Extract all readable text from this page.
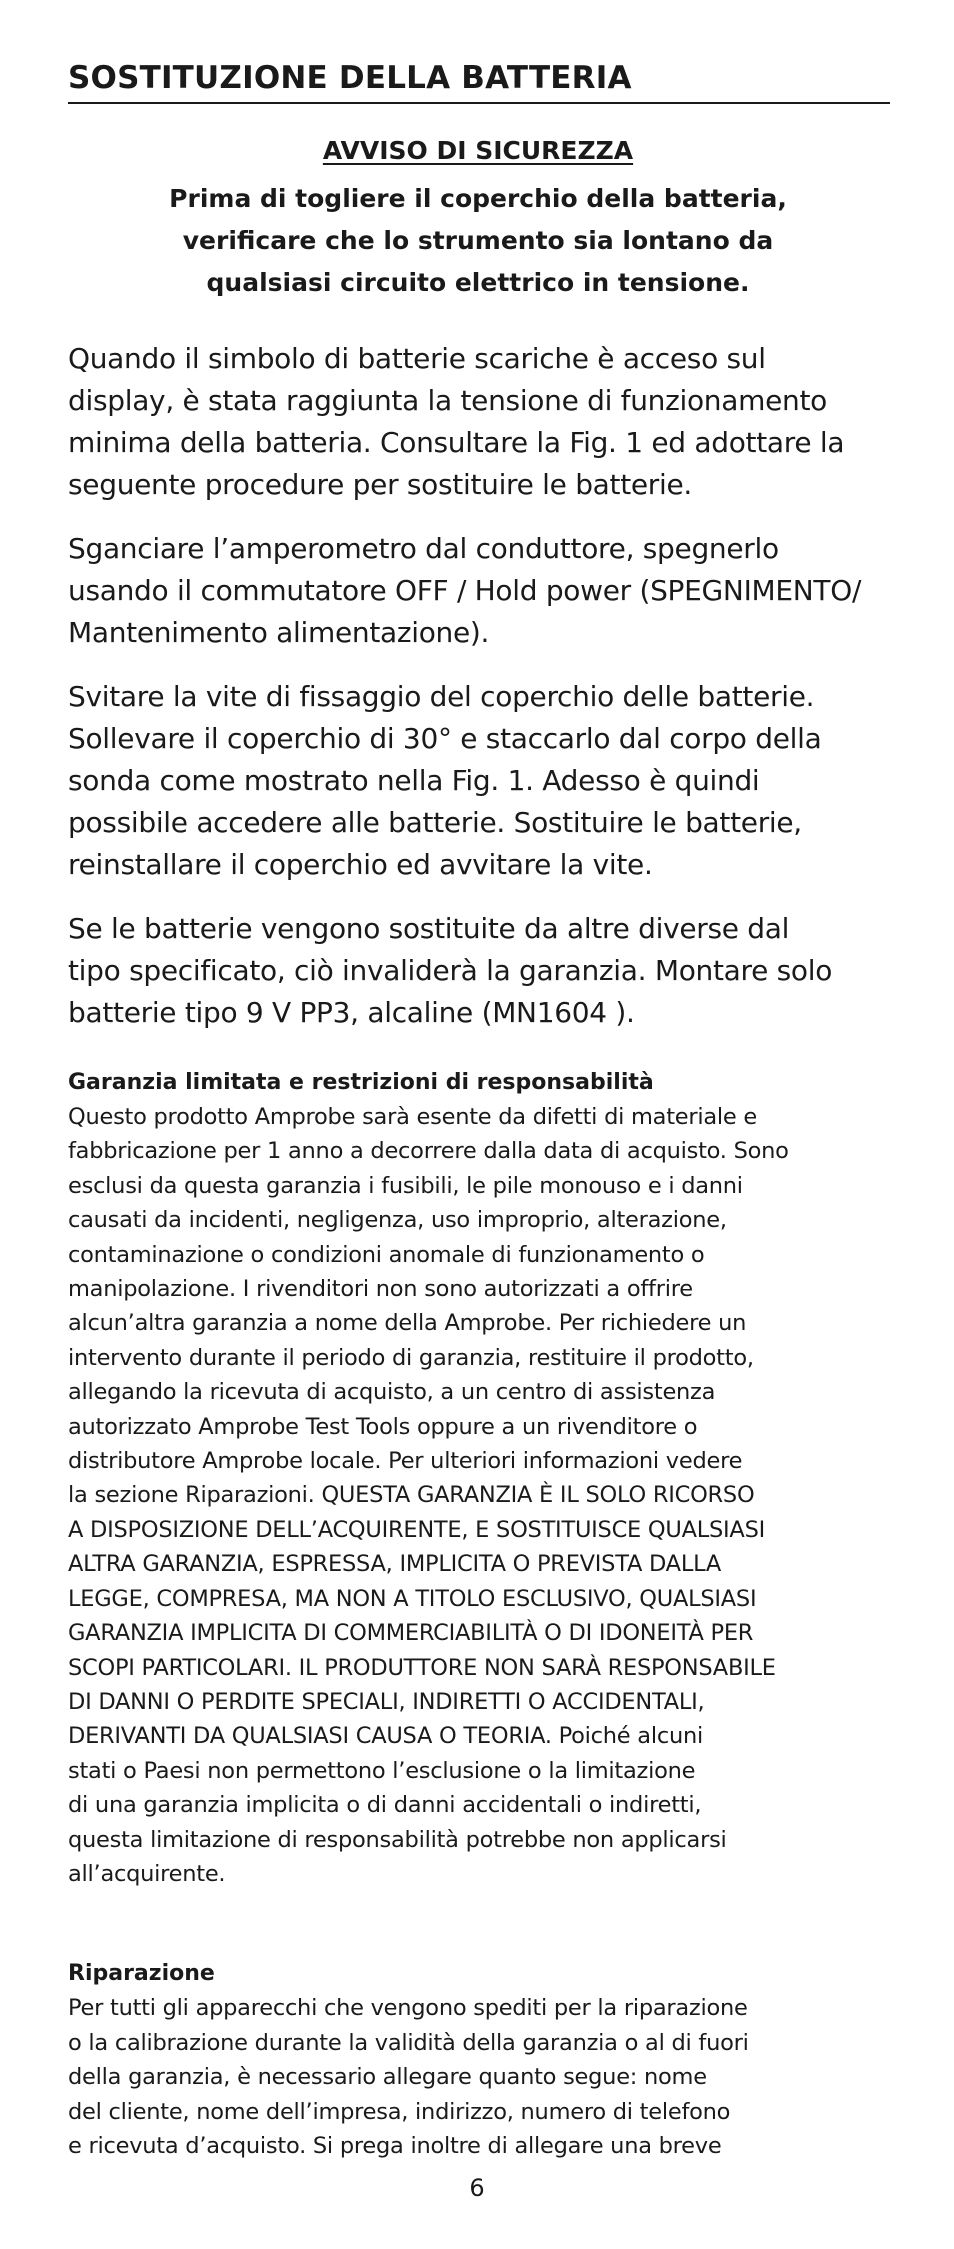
SOSTITUZIONE DELLA BATTERIA
AVVISO DI SICUREZZA
Prima di togliere il coperchio della batteria,
verificare che lo strumento sia lontano da
qualsiasi circuito elettrico in tensione.
Quando il simbolo di batterie scariche è acceso sul
display, è stata raggiunta la tensione di funzionamento
minima della batteria. Consultare la Fig. 1 ed adottare la
seguente procedure per sostituire le batterie.
Sganciare l’amperometro dal conduttore, spegnerlo
usando il commutatore OFF / Hold power (SPEGNIMENTO/
Mantenimento alimentazione).
Svitare la vite di fissaggio del coperchio delle batterie.
Sollevare il coperchio di 30° e staccarlo dal corpo della
sonda come mostrato nella Fig. 1. Adesso è quindi
possibile accedere alle batterie. Sostituire le batterie,
reinstallare il coperchio ed avvitare la vite.
Se le batterie vengono sostituite da altre diverse dal
tipo specificato, ciò invaliderà la garanzia. Montare solo
batterie tipo 9 V PP3, alcaline (MN1604 ).
Garanzia limitata e restrizioni di responsabilità
Questo prodotto Amprobe sarà esente da difetti di materiale e
fabbricazione per 1 anno a decorrere dalla data di acquisto. Sono
esclusi da questa garanzia i fusibili, le pile monouso e i danni
causati da incidenti, negligenza, uso improprio, alterazione,
contaminazione o condizioni anomale di funzionamento o
manipolazione. I rivenditori non sono autorizzati a offrire
alcun’altra garanzia a nome della Amprobe. Per richiedere un
intervento durante il periodo di garanzia, restituire il prodotto,
allegando la ricevuta di acquisto, a un centro di assistenza
autorizzato Amprobe Test Tools oppure a un rivenditore o
distributore Amprobe locale. Per ulteriori informazioni vedere
la sezione Riparazioni. QUESTA GARANZIA È IL SOLO RICORSO
A DISPOSIZIONE DELL’ACQUIRENTE, E SOSTITUISCE QUALSIASI
ALTRA GARANZIA, ESPRESSA, IMPLICITA O PREVISTA DALLA
LEGGE, COMPRESA, MA NON A TITOLO ESCLUSIVO, QUALSIASI
GARANZIA IMPLICITA DI COMMERCIABILITÀ O DI IDONEITÀ PER
SCOPI PARTICOLARI. IL PRODUTTORE NON SARÀ RESPONSABILE
DI DANNI O PERDITE SPECIALI, INDIRETTI O ACCIDENTALI,
DERIVANTI DA QUALSIASI CAUSA O TEORIA. Poiché alcuni
stati o Paesi non permettono l’esclusione o la limitazione
di una garanzia implicita o di danni accidentali o indiretti,
questa limitazione di responsabilità potrebbe non applicarsi
all’acquirente.
Riparazione
Per tutti gli apparecchi che vengono spediti per la riparazione
o la calibrazione durante la validità della garanzia o al di fuori
della garanzia, è necessario allegare quanto segue: nome
del cliente, nome dell’impresa, indirizzo, numero di telefono
e ricevuta d’acquisto. Si prega inoltre di allegare una breve
6
